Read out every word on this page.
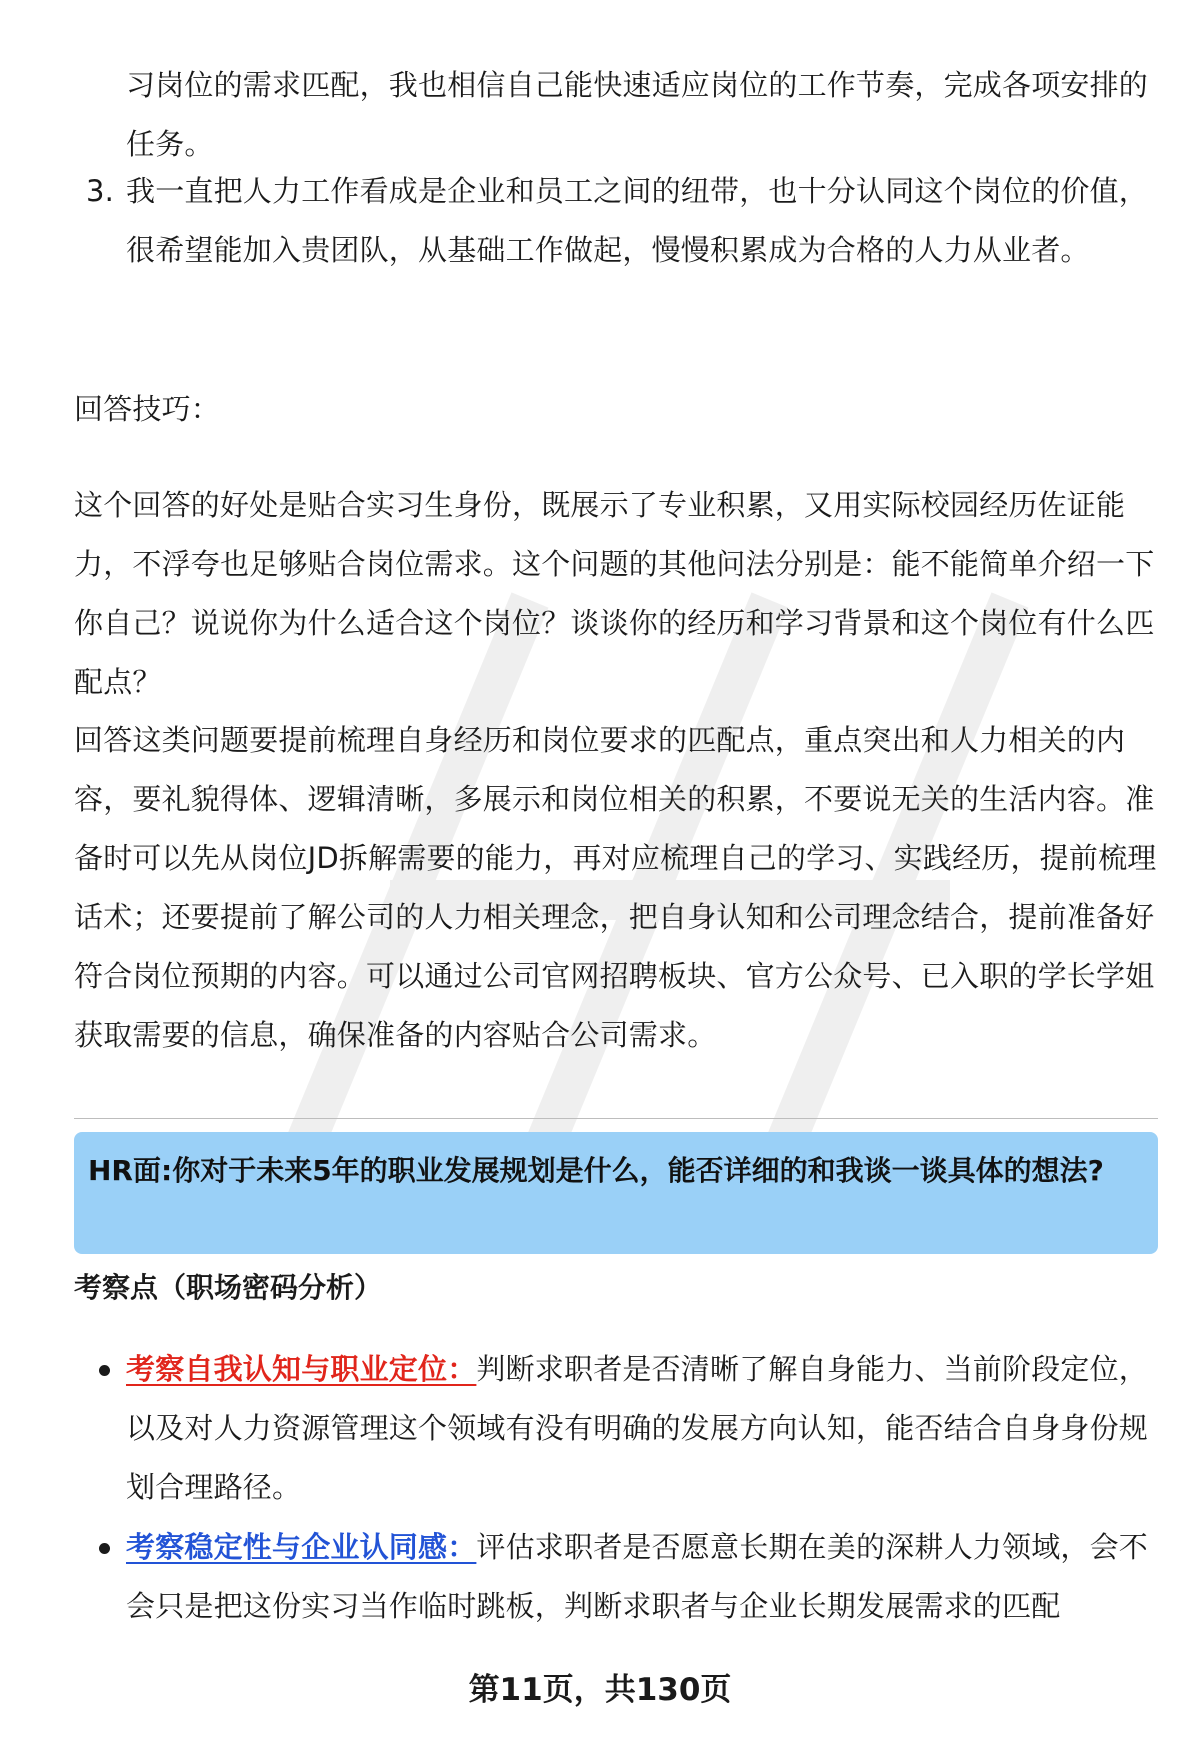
习岗位的需求匹配，我也相信自己能快速适应岗位的工作节奏，完成各项安排的任务。
3. 我一直把人力工作看成是企业和员工之间的纽带，也十分认同这个岗位的价值，很希望能加入贵团队，从基础工作做起，慢慢积累成为合格的人力从业者。
回答技巧：
这个回答的好处是贴合实习生身份，既展示了专业积累，又用实际校园经历佐证能力，不浮夸也足够贴合岗位需求。这个问题的其他问法分别是：能不能简单介绍一下你自己？说说你为什么适合这个岗位？谈谈你的经历和学习背景和这个岗位有什么匹配点？
回答这类问题要提前梳理自身经历和岗位要求的匹配点，重点突出和人力相关的内容，要礼貌得体、逻辑清晰，多展示和岗位相关的积累，不要说无关的生活内容。准备时可以先从岗位JD拆解需要的能力，再对应梳理自己的学习、实践经历，提前梳理话术；还要提前了解公司的人力相关理念，把自身认知和公司理念结合，提前准备好符合岗位预期的内容。可以通过公司官网招聘板块、官方公众号、已入职的学长学姐获取需要的信息，确保准备的内容贴合公司需求。
HR面:你对于未来5年的职业发展规划是什么，能否详细的和我谈一谈具体的想法?
考察点（职场密码分析）
考察自我认知与职业定位：判断求职者是否清晰了解自身能力、当前阶段定位，以及对人力资源管理这个领域有没有明确的发展方向认知，能否结合自身身份规划合理路径。
考察稳定性与企业认同感：评估求职者是否愿意长期在美的深耕人力领域，会不会只是把这份实习当作临时跳板，判断求职者与企业长期发展需求的匹配
第11页，共130页
